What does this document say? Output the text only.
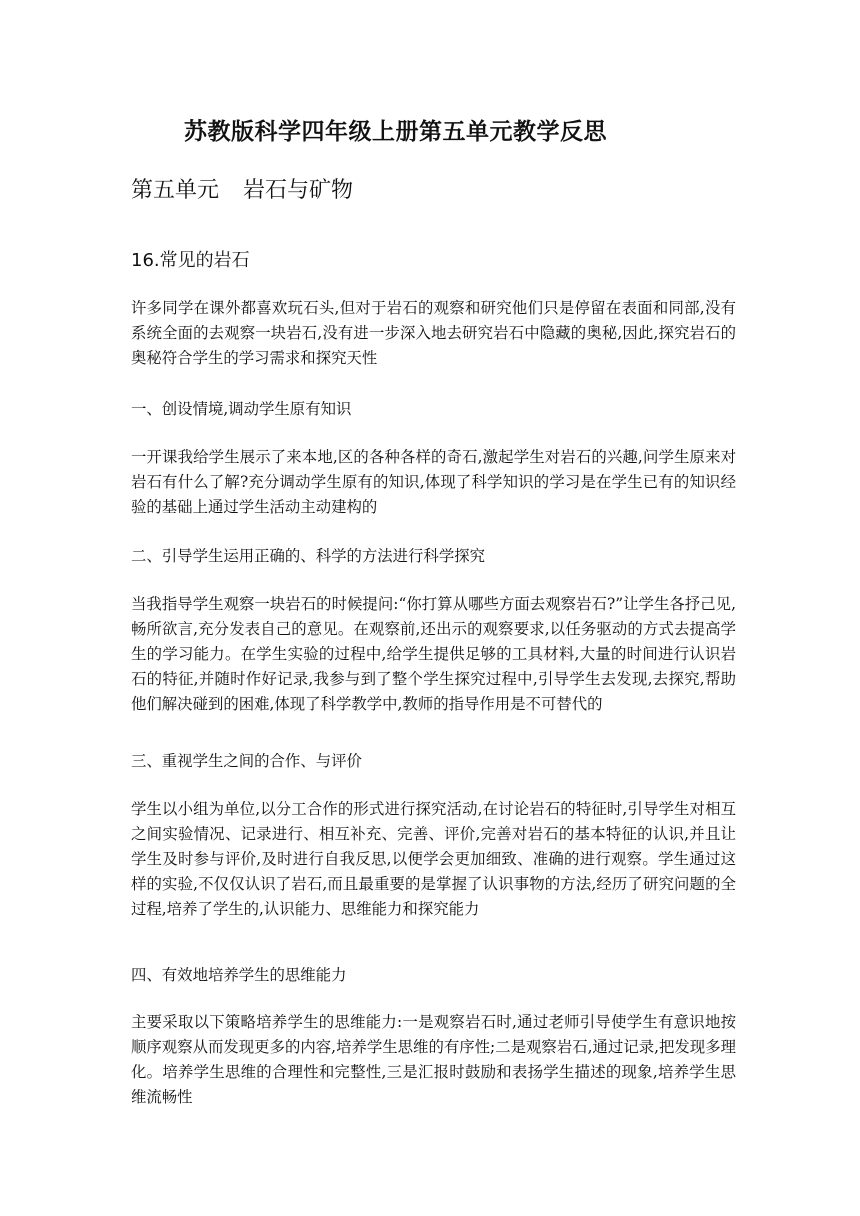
苏教版科学四年级上册第五单元教学反思
第五单元 岩石与矿物
16.常见的岩石
许多同学在课外都喜欢玩石头,但对于岩石的观察和研究他们只是停留在表面和同部,没有系统全面的去观察一块岩石,没有进一步深入地去研究岩石中隐藏的奥秘,因此,探究岩石的奥秘符合学生的学习需求和探究天性
一、创设情境,调动学生原有知识
一开课我给学生展示了来本地,区的各种各样的奇石,激起学生对岩石的兴趣,问学生原来对岩石有什么了解?充分调动学生原有的知识,体现了科学知识的学习是在学生已有的知识经验的基础上通过学生活动主动建构的
二、引导学生运用正确的、科学的方法进行科学探究
当我指导学生观察一块岩石的时候提问:“你打算从哪些方面去观察岩石?”让学生各抒己见,畅所欲言,充分发表自己的意见。在观察前,还出示的观察要求,以任务驱动的方式去提高学生的学习能力。在学生实验的过程中,给学生提供足够的工具材料,大量的时间进行认识岩石的特征,并随时作好记录,我参与到了整个学生探究过程中,引导学生去发现,去探究,帮助他们解决碰到的困难,体现了科学教学中,教师的指导作用是不可替代的
三、重视学生之间的合作、与评价
学生以小组为单位,以分工合作的形式进行探究活动,在讨论岩石的特征时,引导学生对相互之间实验情况、记录进行、相互补充、完善、评价,完善对岩石的基本特征的认识,并且让学生及时参与评价,及时进行自我反思,以便学会更加细致、准确的进行观察。学生通过这样的实验,不仅仅认识了岩石,而且最重要的是掌握了认识事物的方法,经历了研究问题的全过程,培养了学生的,认识能力、思维能力和探究能力
四、有效地培养学生的思维能力
主要采取以下策略培养学生的思维能力:一是观察岩石时,通过老师引导使学生有意识地按顺序观察从而发现更多的内容,培养学生思维的有序性;二是观察岩石,通过记录,把发现多理化。培养学生思维的合理性和完整性,三是汇报时鼓励和表扬学生描述的现象,培养学生思维流畅性
